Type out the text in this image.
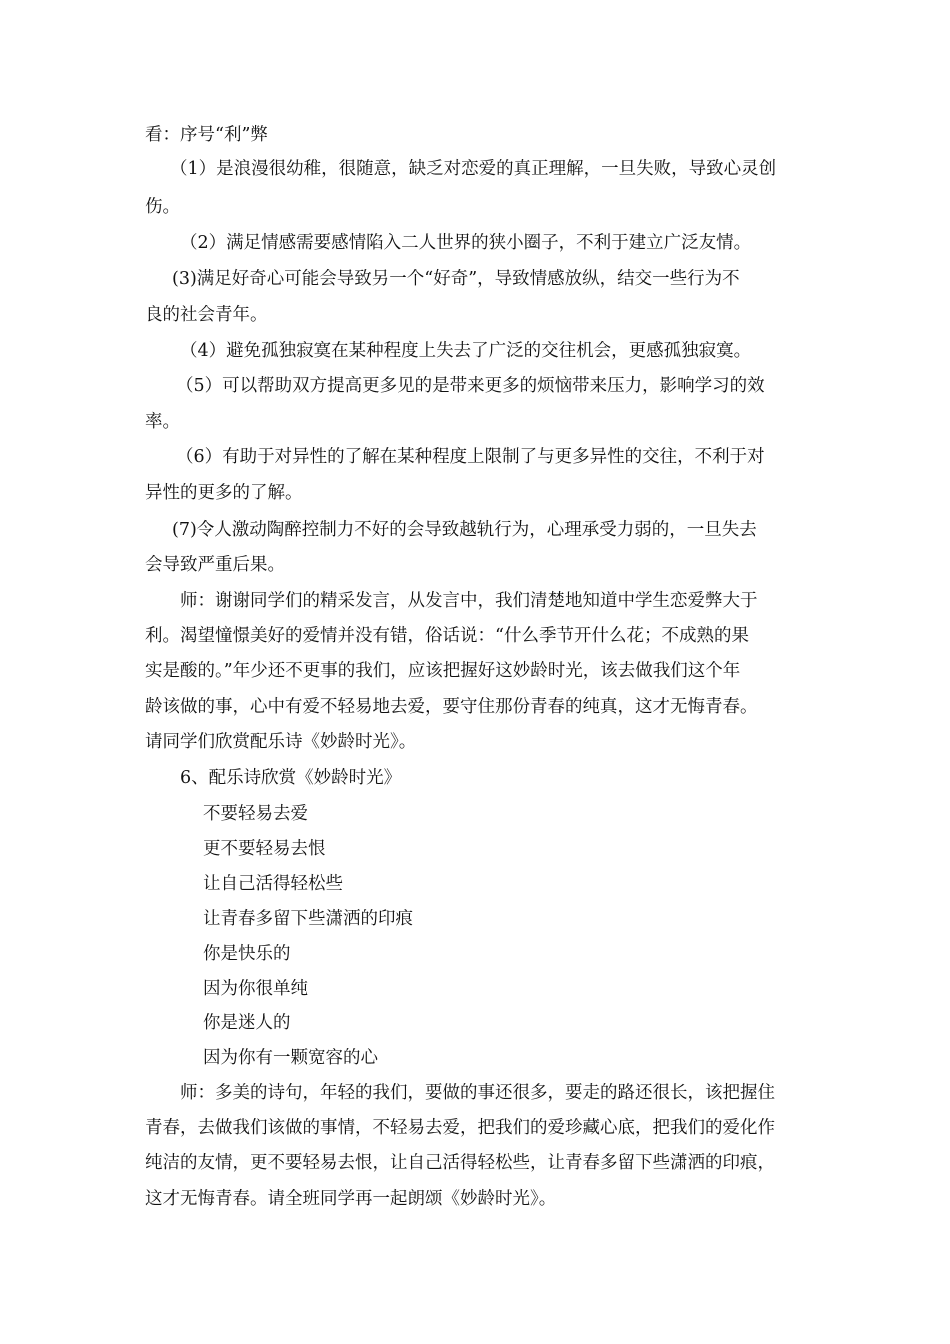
看：序号“利”弊
（1）是浪漫很幼稚，很随意，缺乏对恋爱的真正理解，一旦失败，导致心灵创
伤。
（2）满足情感需要感情陷入二人世界的狭小圈子，不利于建立广泛友情。
(3)满足好奇心可能会导致另一个“好奇”，导致情感放纵，结交一些行为不
良的社会青年。
（4）避免孤独寂寞在某种程度上失去了广泛的交往机会，更感孤独寂寞。
（5）可以帮助双方提高更多见的是带来更多的烦恼带来压力，影响学习的效
率。
（6）有助于对异性的了解在某种程度上限制了与更多异性的交往，不利于对
异性的更多的了解。
(7)令人激动陶醉控制力不好的会导致越轨行为，心理承受力弱的，一旦失去
会导致严重后果。
师：谢谢同学们的精采发言，从发言中，我们清楚地知道中学生恋爱弊大于
利。渴望憧憬美好的爱情并没有错，俗话说：“什么季节开什么花；不成熟的果
实是酸的。”年少还不更事的我们，应该把握好这妙龄时光，该去做我们这个年
龄该做的事，心中有爱不轻易地去爱，要守住那份青春的纯真，这才无悔青春。
请同学们欣赏配乐诗《妙龄时光》。
6、配乐诗欣赏《妙龄时光》
不要轻易去爱
更不要轻易去恨
让自己活得轻松些
让青春多留下些潇洒的印痕
你是快乐的
因为你很单纯
你是迷人的
因为你有一颗宽容的心
师：多美的诗句，年轻的我们，要做的事还很多，要走的路还很长，该把握住
青春，去做我们该做的事情，不轻易去爱，把我们的爱珍藏心底，把我们的爱化作
纯洁的友情，更不要轻易去恨，让自己活得轻松些，让青春多留下些潇洒的印痕，
这才无悔青春。请全班同学再一起朗颂《妙龄时光》。
